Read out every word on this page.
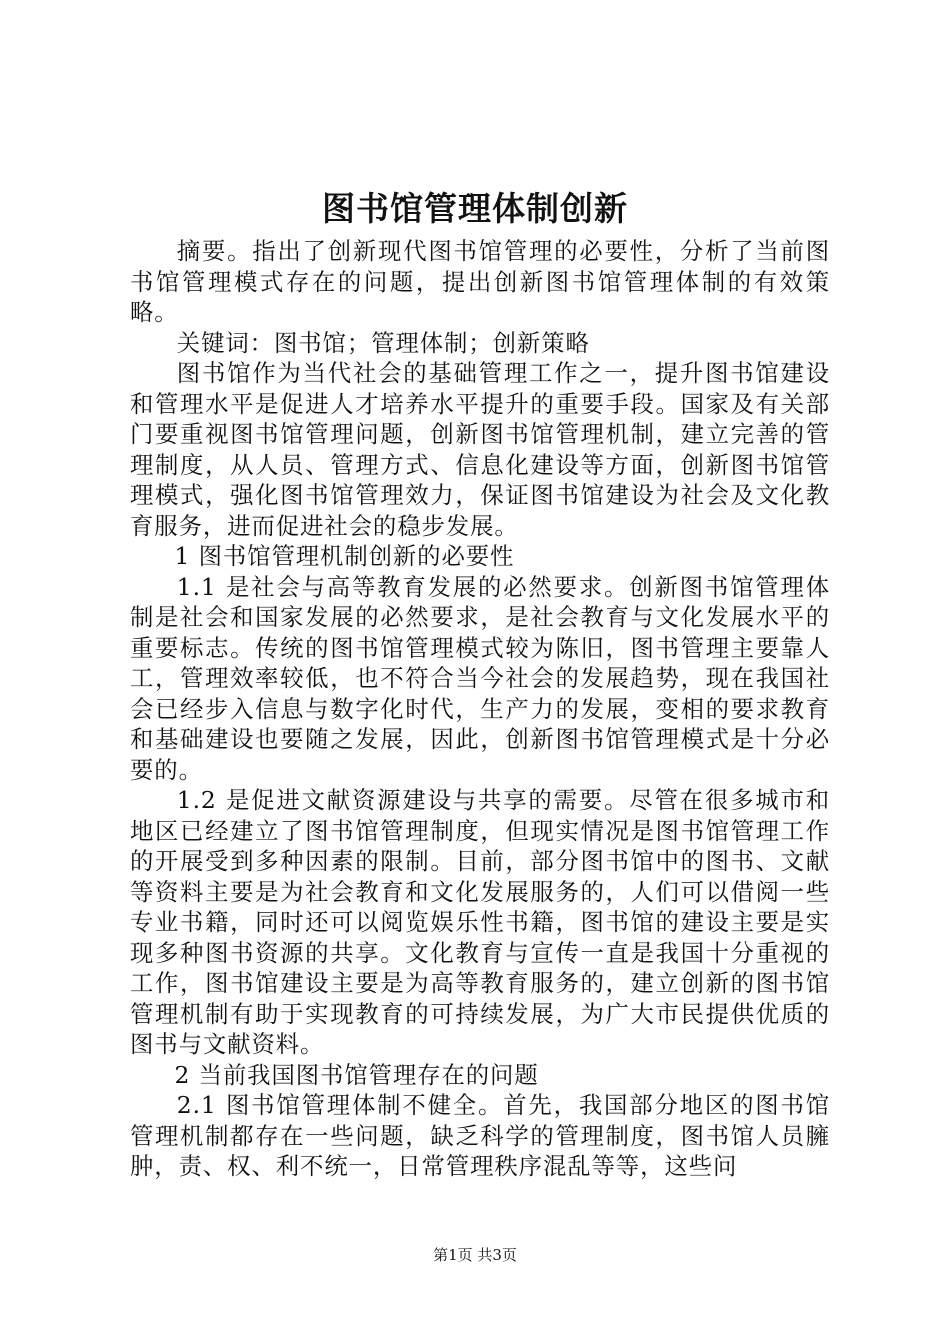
图书馆管理体制创新

摘要。指出了创新现代图书馆管理的必要性，分析了当前图书馆管理模式存在的问题，提出创新图书馆管理体制的有效策略。

关键词：图书馆；管理体制；创新策略

图书馆作为当代社会的基础管理工作之一，提升图书馆建设和管理水平是促进人才培养水平提升的重要手段。国家及有关部门要重视图书馆管理问题，创新图书馆管理机制，建立完善的管理制度，从人员、管理方式、信息化建设等方面，创新图书馆管理模式，强化图书馆管理效力，保证图书馆建设为社会及文化教育服务，进而促进社会的稳步发展。

1 图书馆管理机制创新的必要性

1.1 是社会与高等教育发展的必然要求。创新图书馆管理体制是社会和国家发展的必然要求，是社会教育与文化发展水平的重要标志。传统的图书馆管理模式较为陈旧，图书管理主要靠人工，管理效率较低，也不符合当今社会的发展趋势，现在我国社会已经步入信息与数字化时代，生产力的发展，变相的要求教育和基础建设也要随之发展，因此，创新图书馆管理模式是十分必要的。

1.2 是促进文献资源建设与共享的需要。尽管在很多城市和地区已经建立了图书馆管理制度，但现实情况是图书馆管理工作的开展受到多种因素的限制。目前，部分图书馆中的图书、文献等资料主要是为社会教育和文化发展服务的，人们可以借阅一些专业书籍，同时还可以阅览娱乐性书籍，图书馆的建设主要是实现多种图书资源的共享。文化教育与宣传一直是我国十分重视的工作，图书馆建设主要是为高等教育服务的，建立创新的图书馆管理机制有助于实现教育的可持续发展，为广大市民提供优质的图书与文献资料。

2 当前我国图书馆管理存在的问题

2.1 图书馆管理体制不健全。首先，我国部分地区的图书馆管理机制都存在一些问题，缺乏科学的管理制度，图书馆人员臃肿，责、权、利不统一，日常管理秩序混乱等等，这些问

第1页 共3页
